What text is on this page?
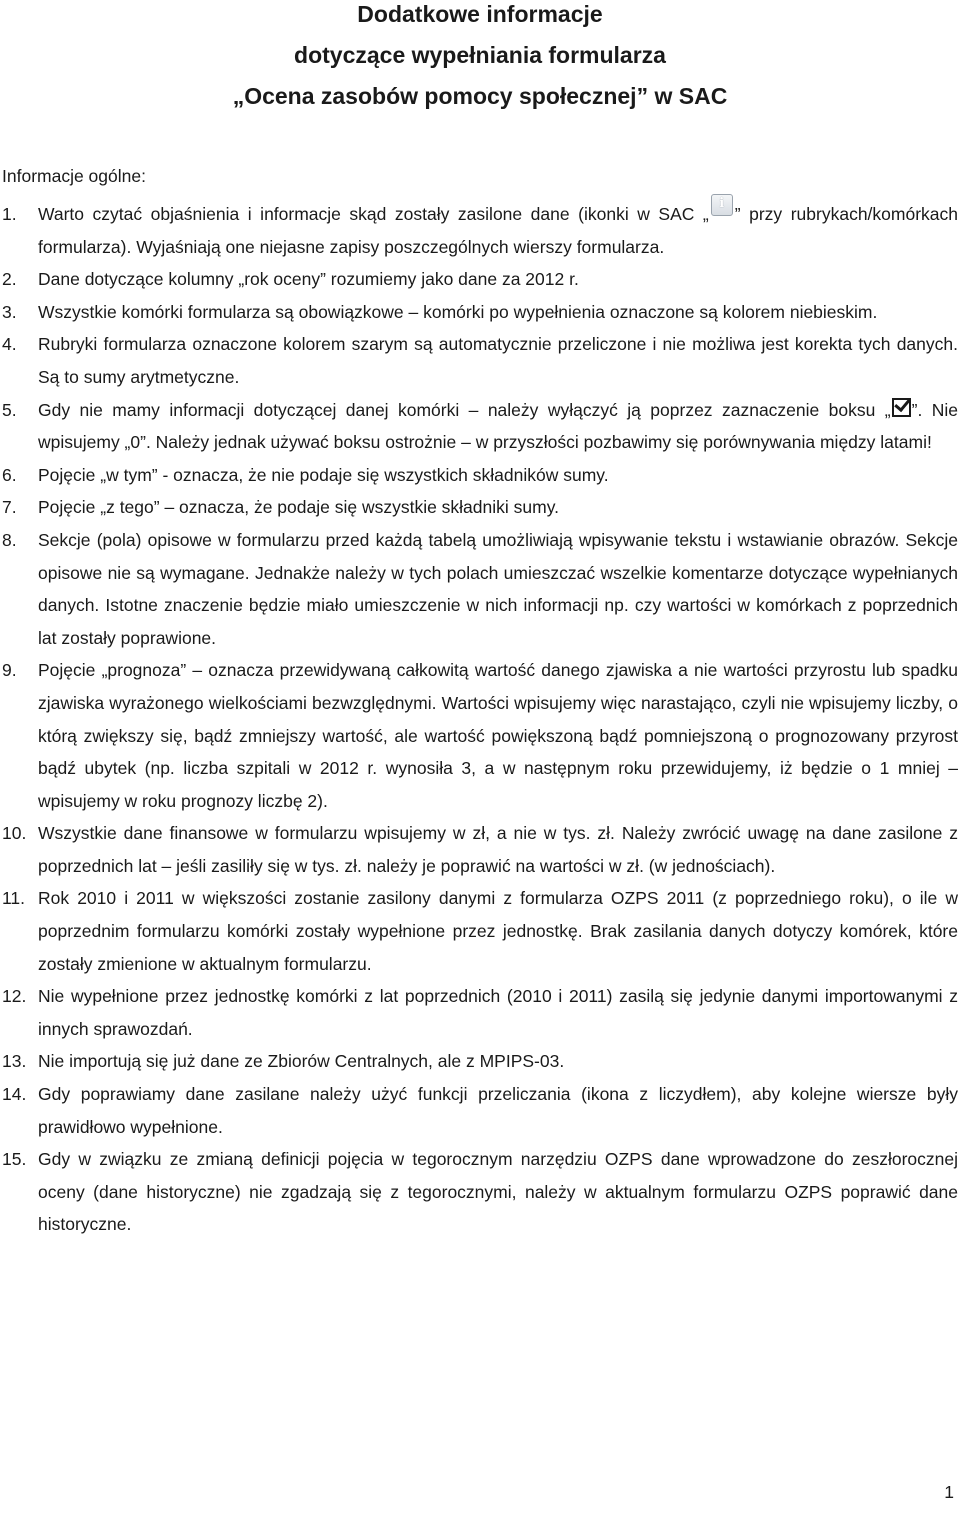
Dodatkowe informacje
dotyczące wypełniania formularza
„Ocena zasobów pomocy społecznej” w SAC

Informacje ogólne:

1. Warto czytać objaśnienia i informacje skąd zostały zasilone dane (ikonki w SAC „i ” przy rubrykach/komórkach formularza). Wyjaśniają one niejasne zapisy poszczególnych wierszy formularza.
2. Dane dotyczące kolumny „rok oceny” rozumiemy jako dane za 2012 r.
3. Wszystkie komórki formularza są obowiązkowe – komórki po wypełnienia oznaczone są kolorem niebieskim.
4. Rubryki formularza oznaczone kolorem szarym są automatycznie przeliczone i nie możliwa jest korekta tych danych. Są to sumy arytmetyczne.
5. Gdy nie mamy informacji dotyczącej danej komórki – należy wyłączyć ją poprzez zaznaczenie boksu „ ”. Nie wpisujemy „0”. Należy jednak używać boksu ostrożnie – w przyszłości pozbawimy się porównywania między latami!
6. Pojęcie „w tym” - oznacza, że nie podaje się wszystkich składników sumy.
7. Pojęcie „z tego” – oznacza, że podaje się wszystkie składniki sumy.
8. Sekcje (pola) opisowe w formularzu przed każdą tabelą umożliwiają wpisywanie tekstu i wstawianie obrazów. Sekcje opisowe nie są wymagane. Jednakże należy w tych polach umieszczać wszelkie komentarze dotyczące wypełnianych danych. Istotne znaczenie będzie miało umieszczenie w nich informacji np. czy wartości w komórkach z poprzednich lat zostały poprawione.
9. Pojęcie „prognoza” – oznacza przewidywaną całkowitą wartość danego zjawiska a nie wartości przyrostu lub spadku zjawiska wyrażonego wielkościami bezwzględnymi. Wartości wpisujemy więc narastająco, czyli nie wpisujemy liczby, o którą zwiększy się, bądź zmniejszy wartość, ale wartość powiększoną bądź pomniejszoną o prognozowany przyrost bądź ubytek (np. liczba szpitali w 2012 r. wynosiła 3, a w następnym roku przewidujemy, iż będzie o 1 mniej – wpisujemy w roku prognozy liczbę 2).
10. Wszystkie dane finansowe w formularzu wpisujemy w zł, a nie w tys. zł. Należy zwrócić uwagę na dane zasilone z poprzednich lat – jeśli zasiliły się w tys. zł. należy je poprawić na wartości w zł. (w jednościach).
11. Rok 2010 i 2011 w większości zostanie zasilony danymi z formularza OZPS 2011 (z poprzedniego roku), o ile w poprzednim formularzu komórki zostały wypełnione przez jednostkę. Brak zasilania danych dotyczy komórek, które zostały zmienione w aktualnym formularzu.
12. Nie wypełnione przez jednostkę komórki z lat poprzednich (2010 i 2011) zasilą się jedynie danymi importowanymi z innych sprawozdań.
13. Nie importują się już dane ze Zbiorów Centralnych, ale z MPIPS-03.
14. Gdy poprawiamy dane zasilane należy użyć funkcji przeliczania (ikona z liczydłem), aby kolejne wiersze były prawidłowo wypełnione.
15. Gdy w związku ze zmianą definicji pojęcia w tegorocznym narzędziu OZPS dane wprowadzone do zeszłorocznej oceny (dane historyczne) nie zgadzają się z tegorocznymi, należy w aktualnym formularzu OZPS poprawić dane historyczne.
1
